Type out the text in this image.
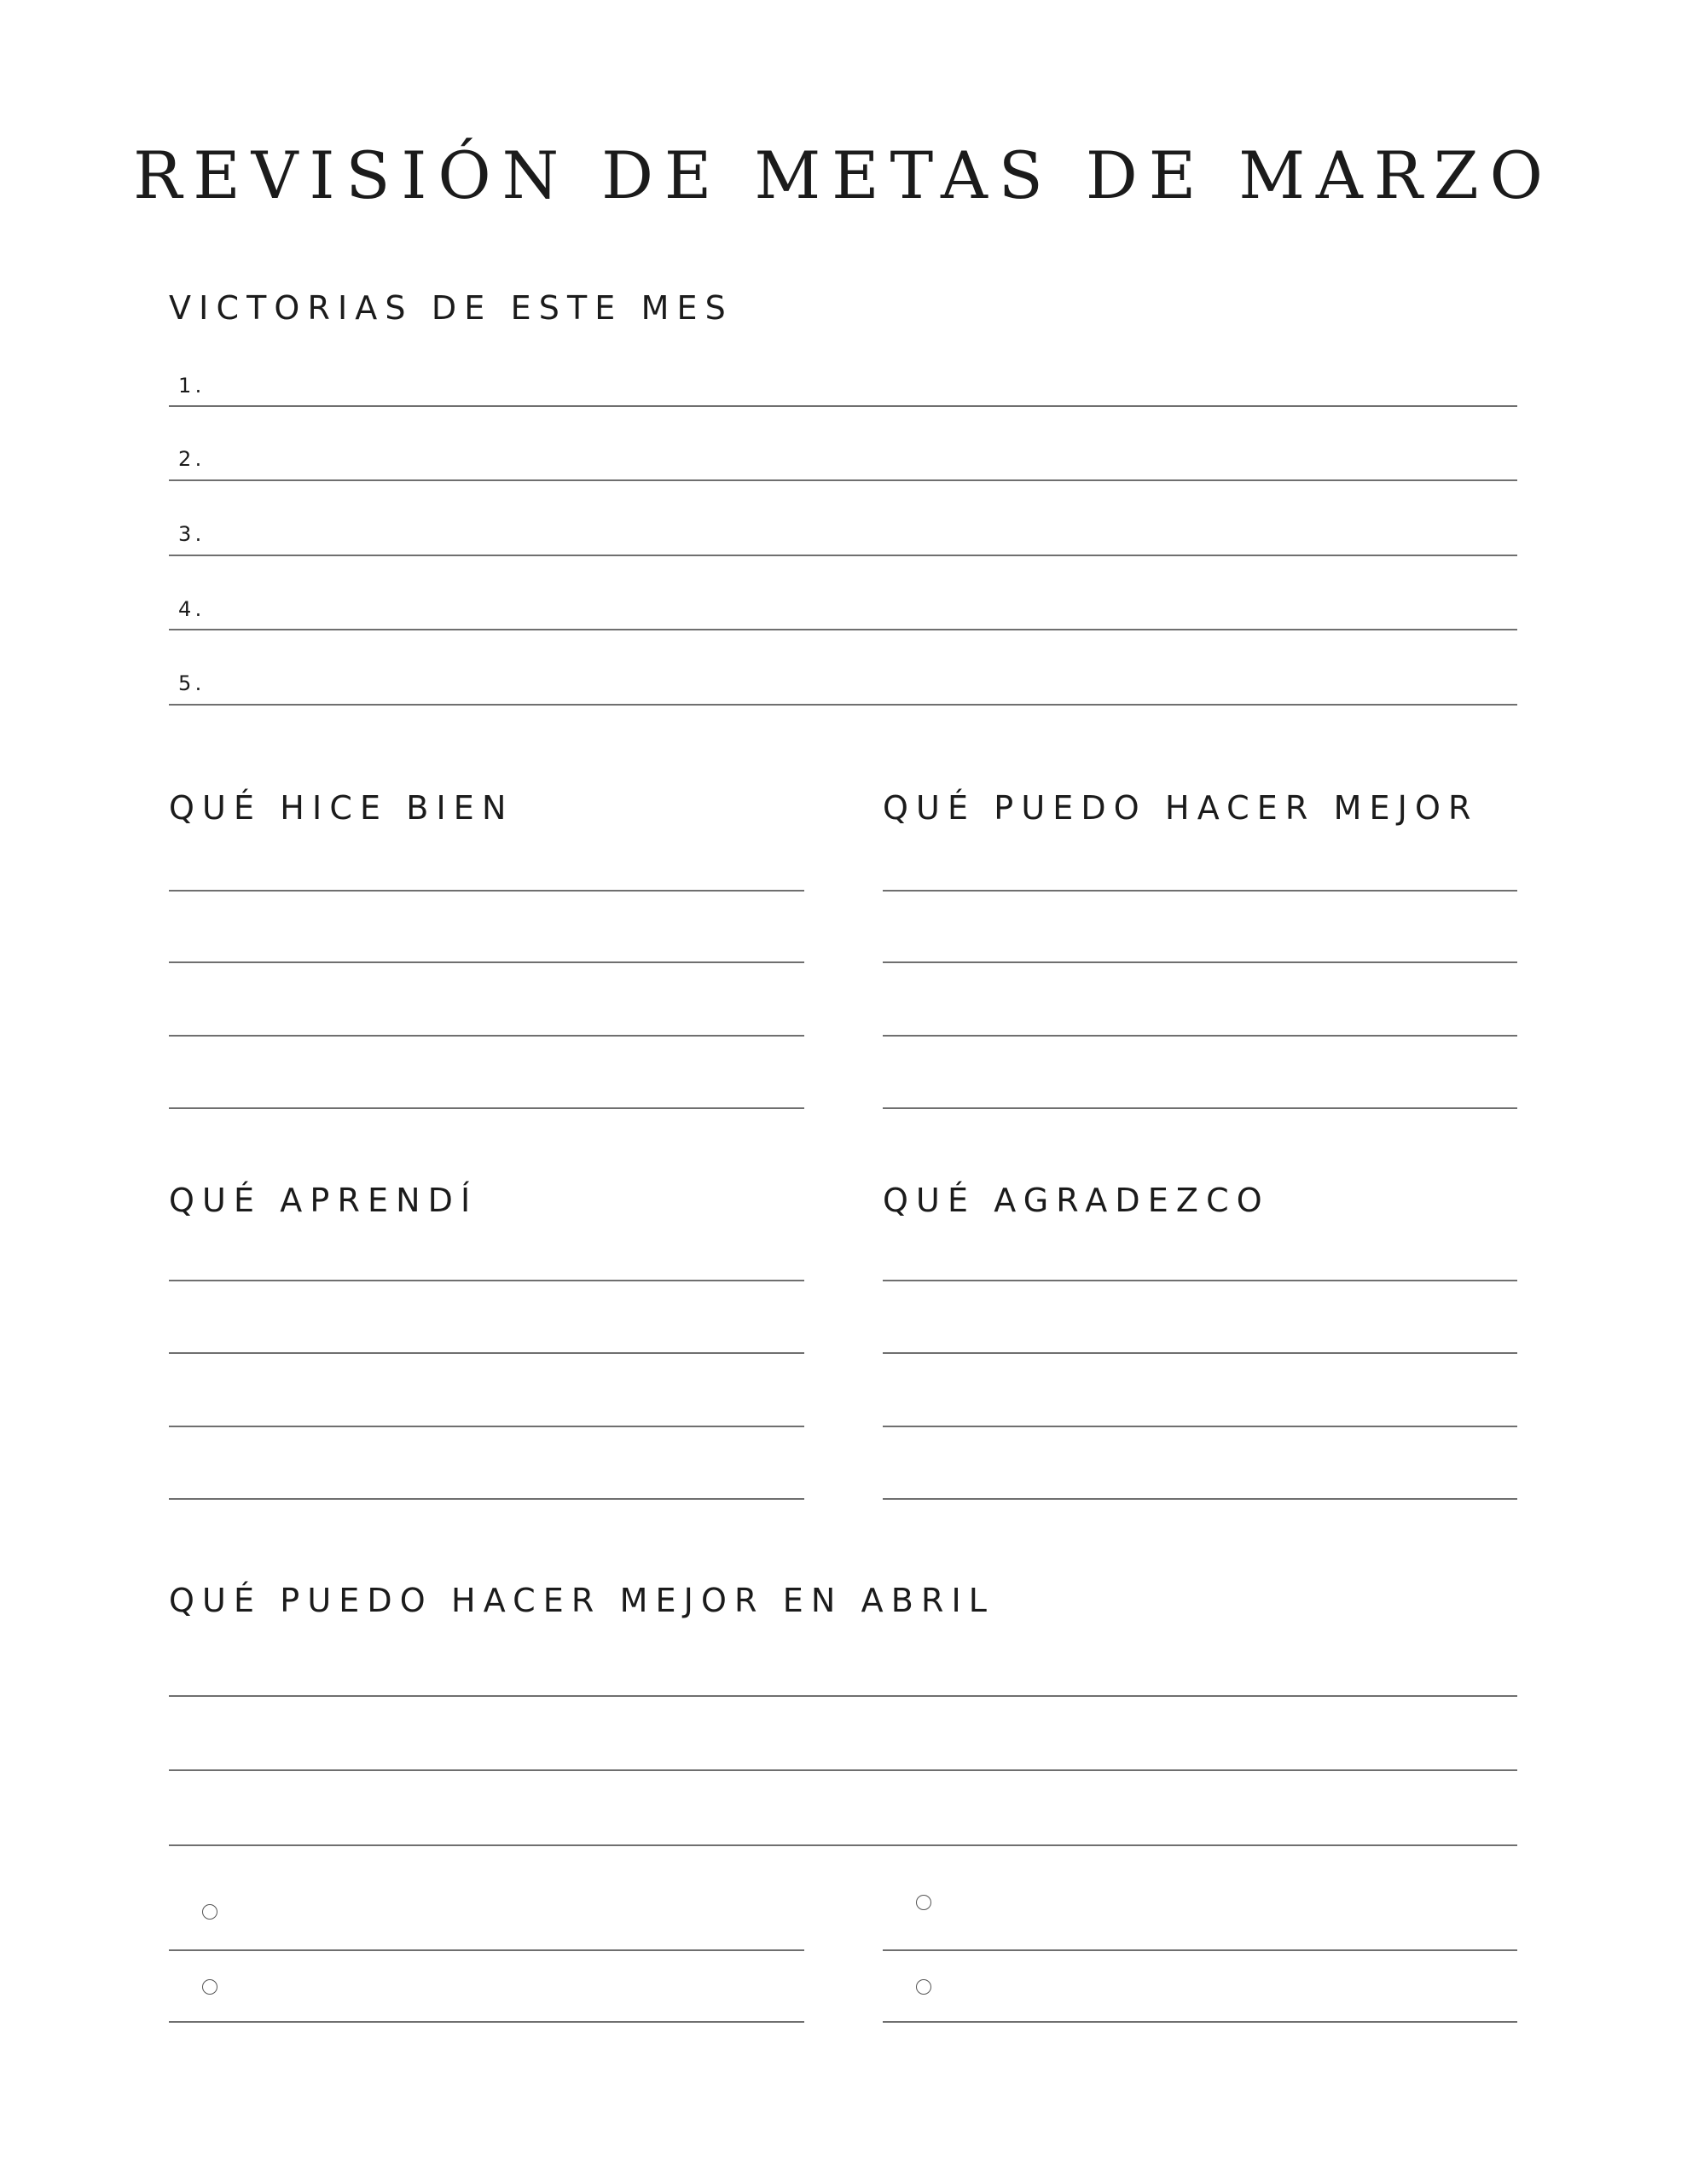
REVISIÓN DE METAS DE MARZO
VICTORIAS DE ESTE MES
1.
2.
3.
4.
5.
QUÉ HICE BIEN	QUÉ PUEDO HACER MEJOR
QUÉ APRENDÍ	QUÉ AGRADEZCO
QUÉ PUEDO HACER MEJOR EN ABRIL
